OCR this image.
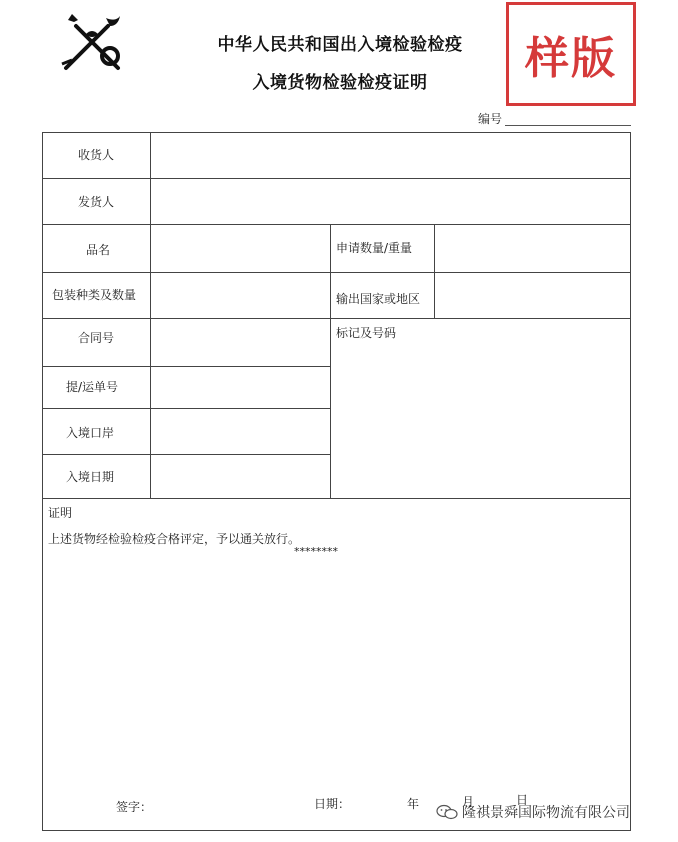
中华人民共和国出入境检验检疫
入境货物检验检疫证明	样版
编号
收货人
发货人
品名	申请数量/重量
包装种类及数量	输出国家或地区
合同号	标记及号码
提/运单号
入境口岸
入境日期
证明
上述货物经检验检疫合格评定，予以通关放行。
********
签字：	日期：	年	月	日
隆祺景舜国际物流有限公司
